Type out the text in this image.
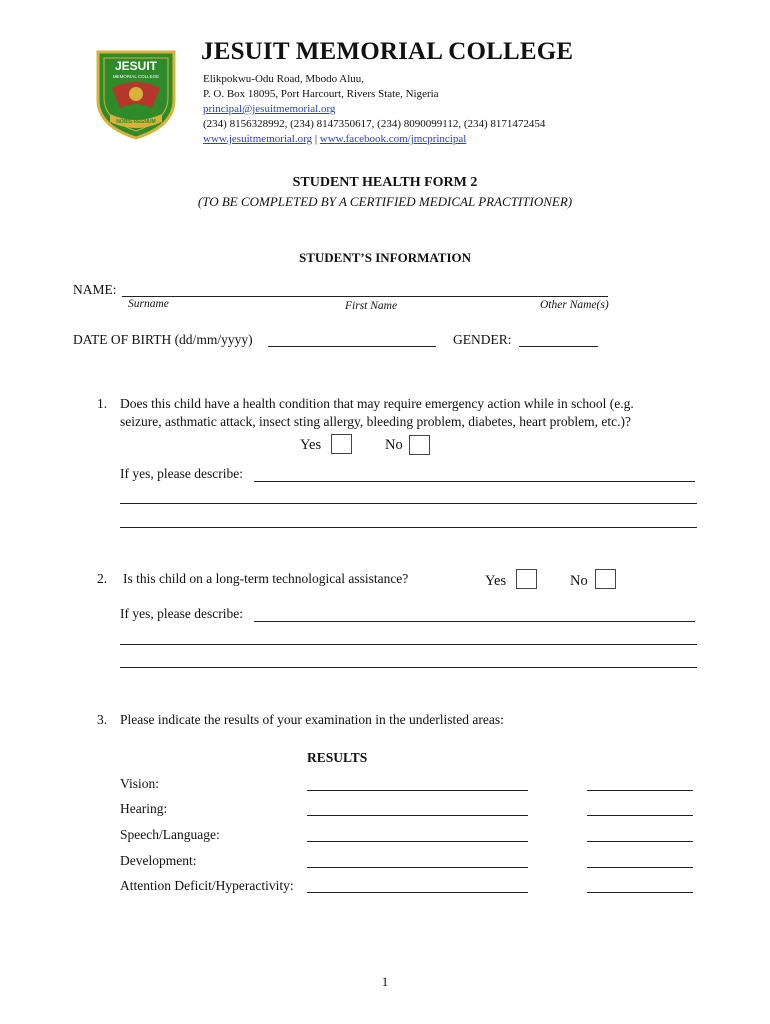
JESUIT
MEMORIAL COLLEGE
NOBIS REGNUM
JESUIT MEMORIAL COLLEGE
Elikpokwu-Odu Road, Mbodo Aluu,
P. O. Box 18095, Port Harcourt, Rivers State, Nigeria
principal@jesuitmemorial.org
(234) 8156328992, (234) 8147350617, (234) 8090099112, (234) 8171472454
www.jesuitmemorial.org | www.facebook.com/jmcprincipal
STUDENT HEALTH FORM 2
(TO BE COMPLETED BY A CERTIFIED MEDICAL PRACTITIONER)
STUDENT’S INFORMATION
NAME:
Surname	First Name	Other Name(s)
DATE OF BIRTH (dd/mm/yyyy)	GENDER:
1. Does this child have a health condition that may require emergency action while in school (e.g.
seizure, asthmatic attack, insect sting allergy, bleeding problem, diabetes, heart problem, etc.)?
Yes	No
If yes, please describe:
2. Is this child on a long-term technological assistance?	Yes	No
If yes, please describe:
3. Please indicate the results of your examination in the underlisted areas:
RESULTS
Vision:
Hearing:
Speech/Language:
Development:
Attention Deficit/Hyperactivity:
1
